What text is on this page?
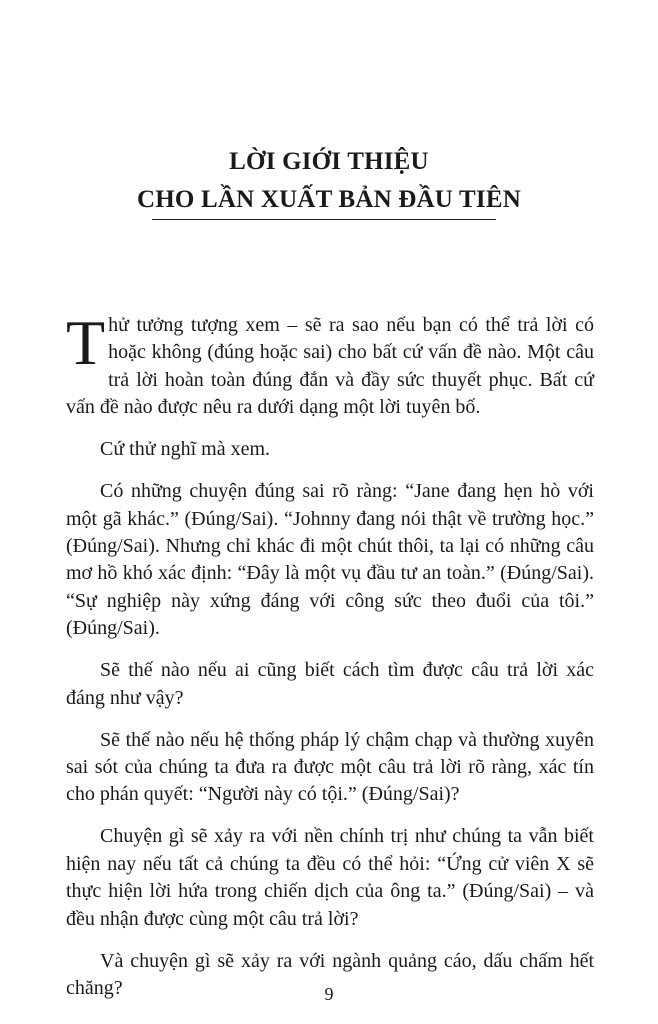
LỜI GIỚI THIỆU
CHO LẦN XUẤT BẢN ĐẦU TIÊN

Thử tưởng tượng xem – sẽ ra sao nếu bạn có thể trả lời có hoặc không (đúng hoặc sai) cho bất cứ vấn đề nào. Một câu trả lời hoàn toàn đúng đắn và đầy sức thuyết phục. Bất cứ vấn đề nào được nêu ra dưới dạng một lời tuyên bố.

Cứ thử nghĩ mà xem.

Có những chuyện đúng sai rõ ràng: “Jane đang hẹn hò với một gã khác.” (Đúng/Sai). “Johnny đang nói thật về trường học.” (Đúng/Sai). Nhưng chỉ khác đi một chút thôi, ta lại có những câu mơ hồ khó xác định: “Đây là một vụ đầu tư an toàn.” (Đúng/Sai). “Sự nghiệp này xứng đáng với công sức theo đuổi của tôi.” (Đúng/Sai).

Sẽ thế nào nếu ai cũng biết cách tìm được câu trả lời xác đáng như vậy?

Sẽ thế nào nếu hệ thống pháp lý chậm chạp và thường xuyên sai sót của chúng ta đưa ra được một câu trả lời rõ ràng, xác tín cho phán quyết: “Người này có tội.” (Đúng/Sai)?

Chuyện gì sẽ xảy ra với nền chính trị như chúng ta vẫn biết hiện nay nếu tất cả chúng ta đều có thể hỏi: “Ứng cử viên X sẽ thực hiện lời hứa trong chiến dịch của ông ta.” (Đúng/Sai) – và đều nhận được cùng một câu trả lời?

Và chuyện gì sẽ xảy ra với ngành quảng cáo, dấu chấm hết chăng?	9
